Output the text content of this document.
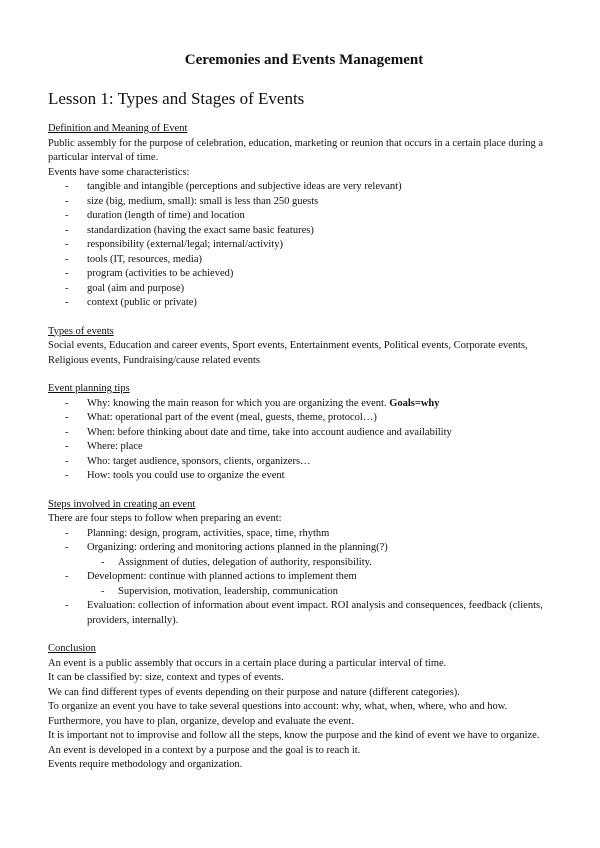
Ceremonies and Events Management
Lesson 1: Types and Stages of Events

Definition and Meaning of Event

Public assembly for the purpose of celebration, education, marketing or reunion that occurs in a certain place during a particular interval of time.

Events have some characteristics:

- tangible and intangible (perceptions and subjective ideas are very relevant)
- size (big, medium, small): small is less than 250 guests
- duration (length of time) and location
- standardization (having the exact same basic features)
- responsibility (external/legal; internal/activity)
- tools (IT, resources, media)
- program (activities to be achieved)
- goal (aim and purpose)
- context (public or private)

Types of events

Social events, Education and career events, Sport events, Entertainment events, Political events, Corporate events, Religious events, Fundraising/cause related events

Event planning tips

- Why: knowing the main reason for which you are organizing the event. Goals=why
- What: operational part of the event (meal, guests, theme, protocol…)
- When: before thinking about date and time, take into account audience and availability
- Where: place
- Who: target audience, sponsors, clients, organizers…
- How: tools you could use to organize the event

Steps involved in creating an event

There are four steps to follow when preparing an event:

- Planning: design, program, activities, space, time, rhythm
- Organizing: ordering and monitoring actions planned in the planning(?)
- Assignment of duties, delegation of authority, responsibility.
- Development: continue with planned actions to implement them
- Supervision, motivation, leadership, communication
- Evaluation: collection of information about event impact. ROI analysis and consequences, feedback (clients, providers, internally).

Conclusion

An event is a public assembly that occurs in a certain place during a particular interval of time.

It can be classified by: size, context and types of events.

We can find different types of events depending on their purpose and nature (different categories).

To organize an event you have to take several questions into account: why, what, when, where, who and how.

Furthermore, you have to plan, organize, develop and evaluate the event.

It is important not to improvise and follow all the steps, know the purpose and the kind of event we have to organize.

An event is developed in a context by a purpose and the goal is to reach it.

Events require methodology and organization.
